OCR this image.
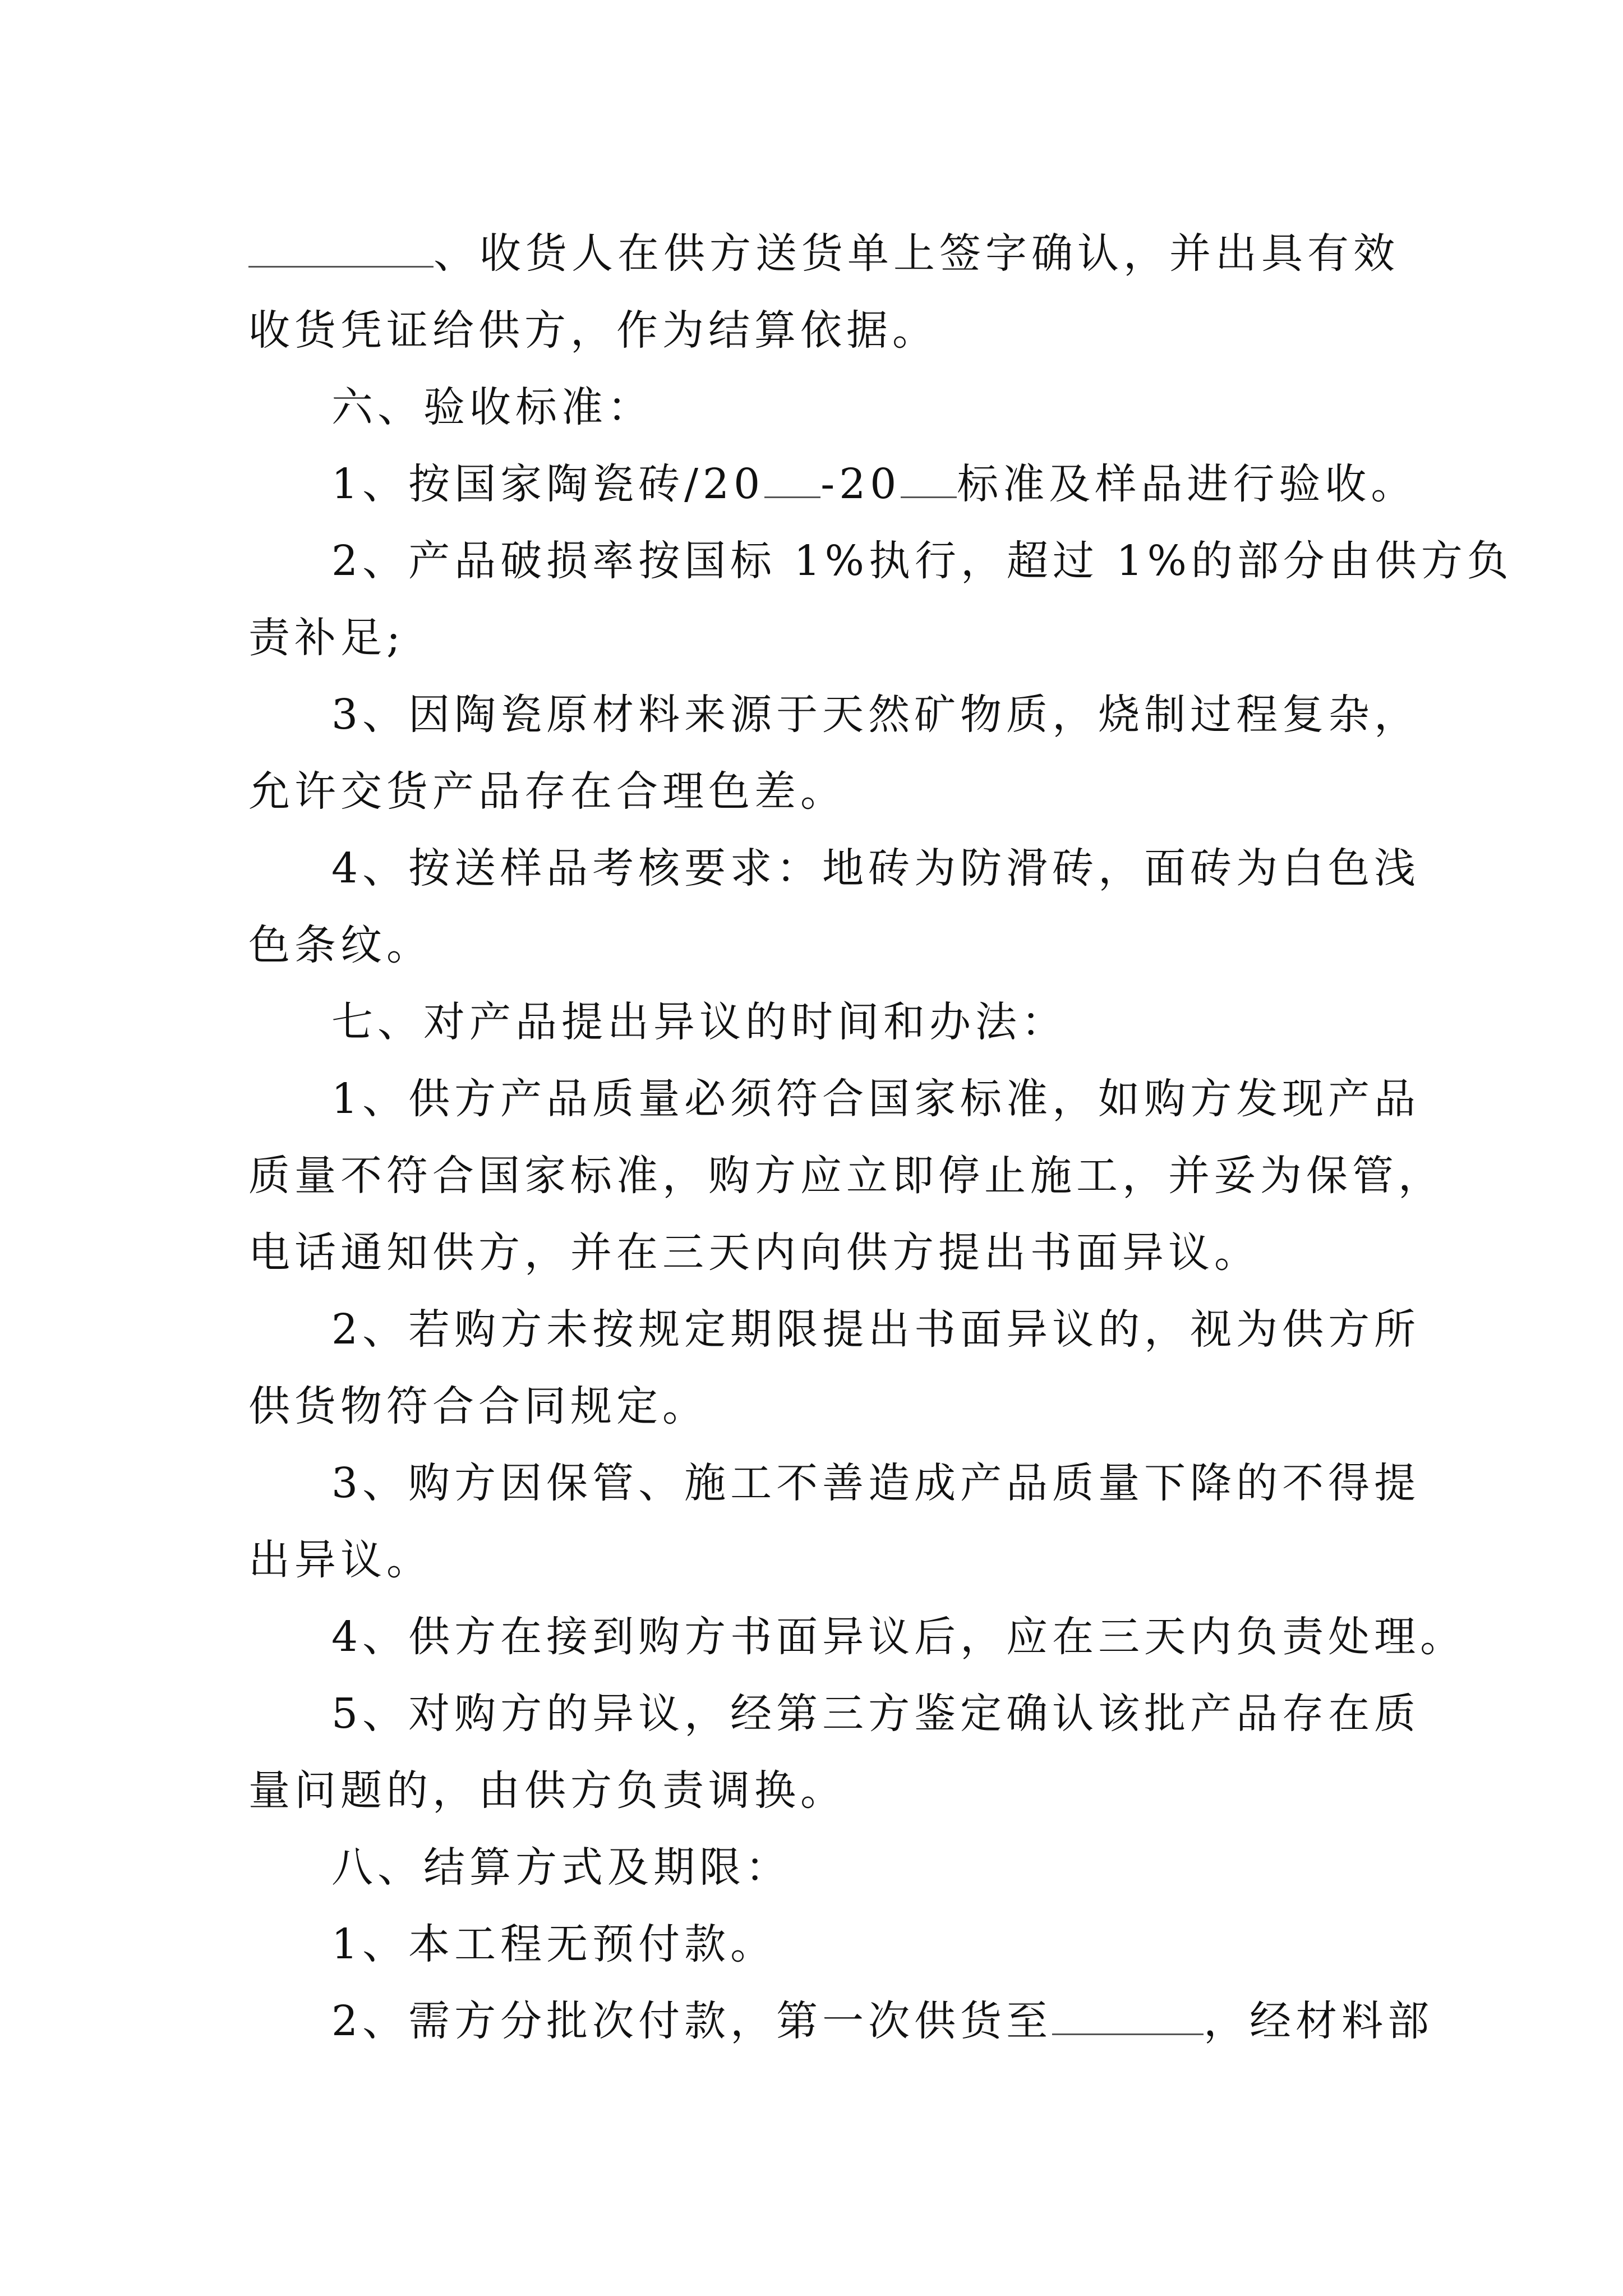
、收货人在供方送货单上签字确认，并出具有效

收货凭证给供方，作为结算依据。

六、验收标准：

1、按国家陶瓷砖/20 -20 标准及样品进行验收。

2、产品破损率按国标 1%执行，超过 1%的部分由供方负

责补足;

3、因陶瓷原材料来源于天然矿物质，烧制过程复杂，

允许交货产品存在合理色差。

4、按送样品考核要求：地砖为防滑砖，面砖为白色浅

色条纹。

七、对产品提出异议的时间和办法：

1、供方产品质量必须符合国家标准，如购方发现产品

质量不符合国家标准，购方应立即停止施工，并妥为保管，

电话通知供方，并在三天内向供方提出书面异议。

2、若购方未按规定期限提出书面异议的，视为供方所

供货物符合合同规定。

3、购方因保管、施工不善造成产品质量下降的不得提

出异议。

4、供方在接到购方书面异议后，应在三天内负责处理。

5、对购方的异议，经第三方鉴定确认该批产品存在质

量问题的，由供方负责调换。

八、结算方式及期限：

1、本工程无预付款。

2、需方分批次付款，第一次供货至	，经材料部
